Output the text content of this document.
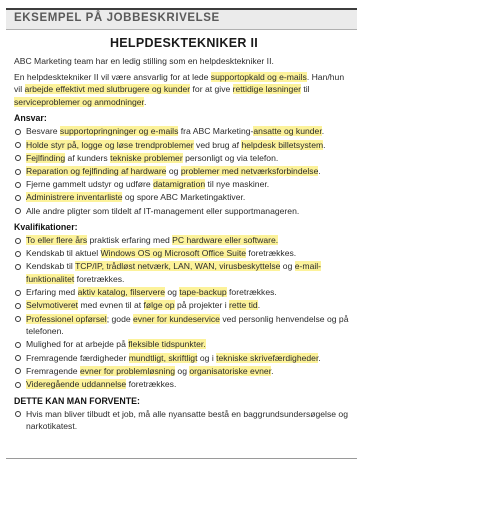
EKSEMPEL PÅ JOBBESKRIVELSE
HELPDESKTEKNIKER II

ABC Marketing team har en ledig stilling som en helpdesktekniker II.

En helpdesktekniker II vil være ansvarlig for at lede supportopkald og e-mails. Han/hun vil arbejde effektivt med slutbrugere og kunder for at give rettidige løsninger til serviceproblemer og anmodninger.

Ansvar:
Besvare supportopringninger og e-mails fra ABC Marketing-ansatte og kunder.
Holde styr på, logge og løse trendproblemer ved brug af helpdesk billetsystem.
Fejlfinding af kunders tekniske problemer personligt og via telefon.
Reparation og fejlfinding af hardware og problemer med netværksforbindelse.
Fjerne gammelt udstyr og udføre datamigration til nye maskiner.
Administrere inventarliste og spore ABC Marketingaktiver.
Alle andre pligter som tildelt af IT-management eller supportmanageren.
Kvalifikationer:
To eller flere års praktisk erfaring med PC hardware eller software.
Kendskab til aktuel Windows OS og Microsoft Office Suite foretrækkes.
Kendskab til TCP/IP, trådløst netværk, LAN, WAN, virusbeskyttelse og e-mail-funktionalitet foretrækkes.
Erfaring med aktiv katalog, filservere og tape-backup foretrækkes.
Selvmotiveret med evnen til at følge op på projekter i rette tid.
Professionel opførsel; gode evner for kundeservice ved personlig henvendelse og på telefonen.
Mulighed for at arbejde på fleksible tidspunkter.
Fremragende færdigheder mundtligt, skriftligt og i tekniske skrivefærdigheder.
Fremragende evner for problemløsning og organisatoriske evner.
Videregående uddannelse foretrækkes.
DETTE KAN MAN FORVENTE:
Hvis man bliver tilbudt et job, må alle nyansatte bestå en baggrundsundersøgelse og narkotikatest.
